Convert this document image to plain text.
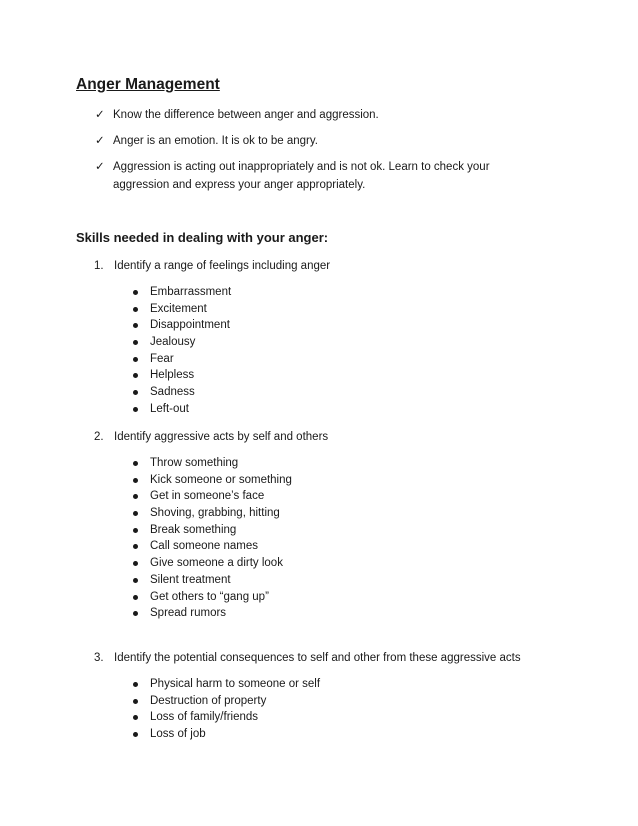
Anger Management
✓ Know the difference between anger and aggression.
✓ Anger is an emotion. It is ok to be angry.
✓ Aggression is acting out inappropriately and is not ok. Learn to check your aggression and express your anger appropriately.
Skills needed in dealing with your anger:
1. Identify a range of feelings including anger
Embarrassment
Excitement
Disappointment
Jealousy
Fear
Helpless
Sadness
Left-out
2. Identify aggressive acts by self and others
Throw something
Kick someone or something
Get in someone’s face
Shoving, grabbing, hitting
Break something
Call someone names
Give someone a dirty look
Silent treatment
Get others to “gang up”
Spread rumors
3. Identify the potential consequences to self and other from these aggressive acts
Physical harm to someone or self
Destruction of property
Loss of family/friends
Loss of job
